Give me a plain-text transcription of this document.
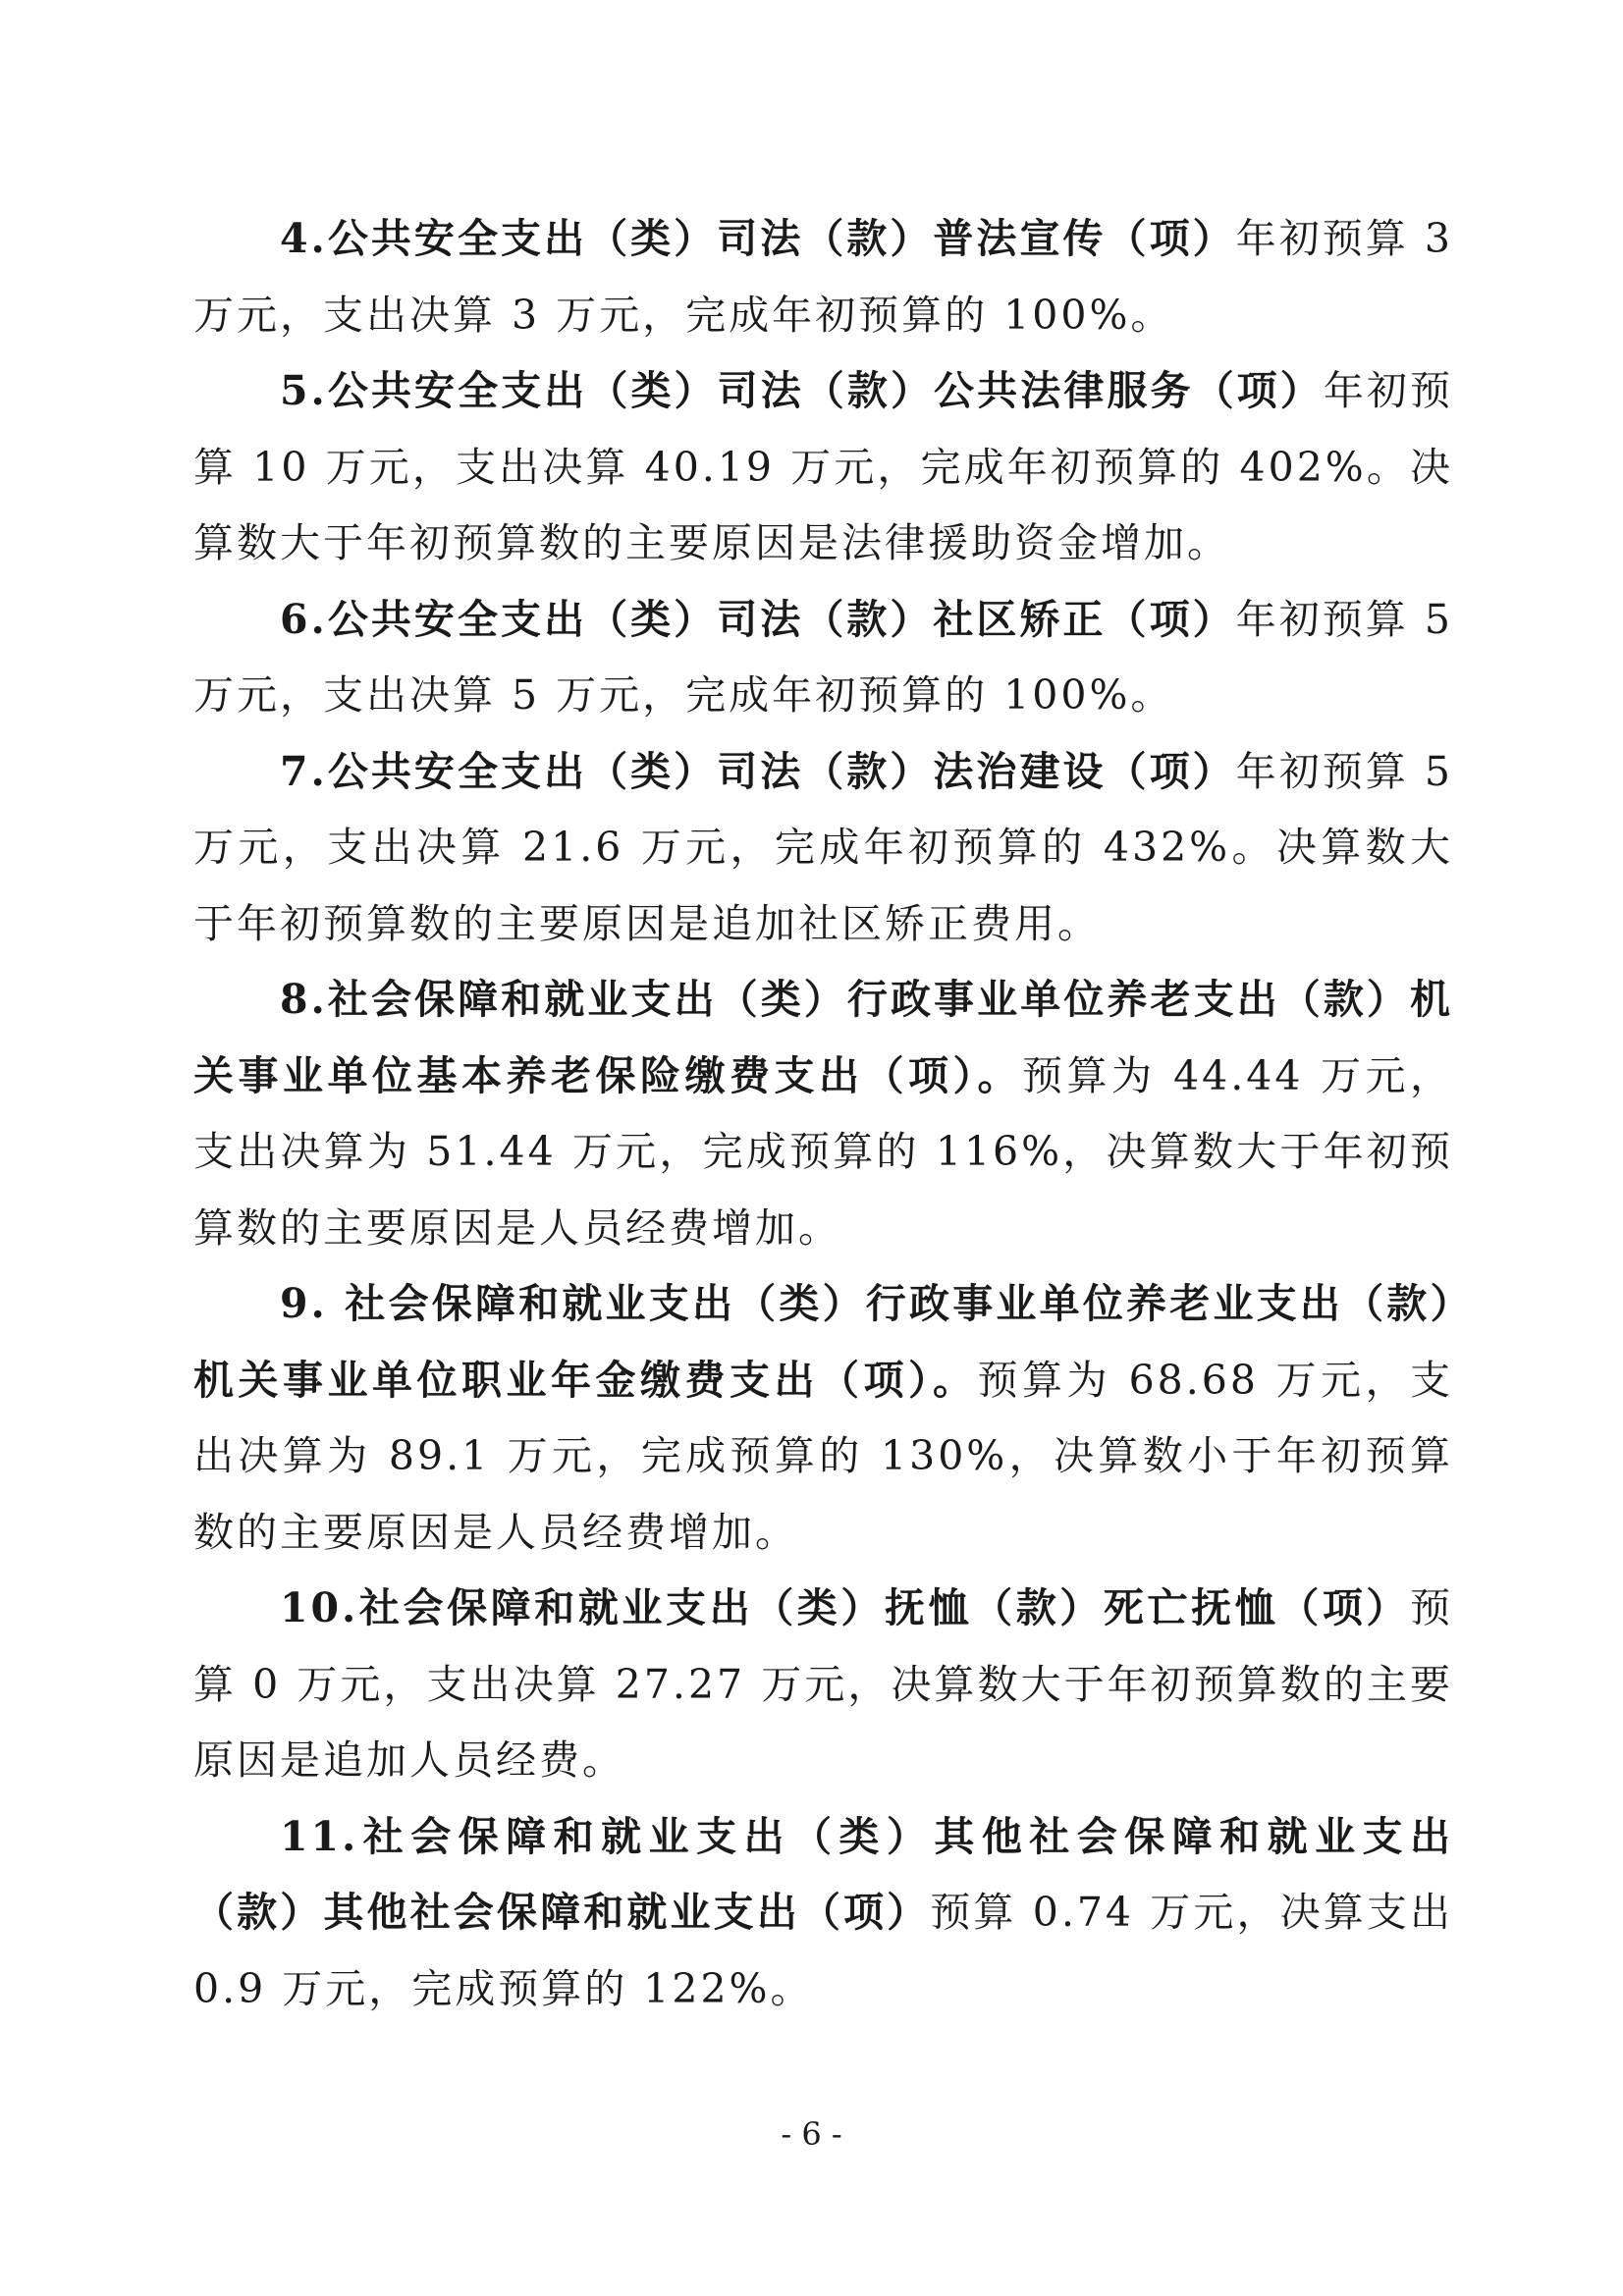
4.公共安全支出（类）司法（款）普法宣传（项）年初预算 3 万元，支出决算 3 万元，完成年初预算的 100%。

5.公共安全支出（类）司法（款）公共法律服务（项）年初预算 10 万元，支出决算 40.19 万元，完成年初预算的 402%。决算数大于年初预算数的主要原因是法律援助资金增加。

6.公共安全支出（类）司法（款）社区矫正（项）年初预算 5 万元，支出决算 5 万元，完成年初预算的 100%。

7.公共安全支出（类）司法（款）法治建设（项）年初预算 5 万元，支出决算 21.6 万元，完成年初预算的 432%。决算数大于年初预算数的主要原因是追加社区矫正费用。

8.社会保障和就业支出（类）行政事业单位养老支出（款）机关事业单位基本养老保险缴费支出（项）。预算为 44.44 万元，支出决算为 51.44 万元，完成预算的 116%，决算数大于年初预算数的主要原因是人员经费增加。

9. 社会保障和就业支出（类）行政事业单位养老业支出（款）机关事业单位职业年金缴费支出（项）。预算为 68.68 万元，支出决算为 89.1 万元，完成预算的 130%，决算数小于年初预算数的主要原因是人员经费增加。

10.社会保障和就业支出（类）抚恤（款）死亡抚恤（项）预算 0 万元，支出决算 27.27 万元，决算数大于年初预算数的主要原因是追加人员经费。

11.社会保障和就业支出（类）其他社会保障和就业支出（款）其他社会保障和就业支出（项）预算 0.74 万元，决算支出 0.9 万元，完成预算的 122%。

- 6 -
